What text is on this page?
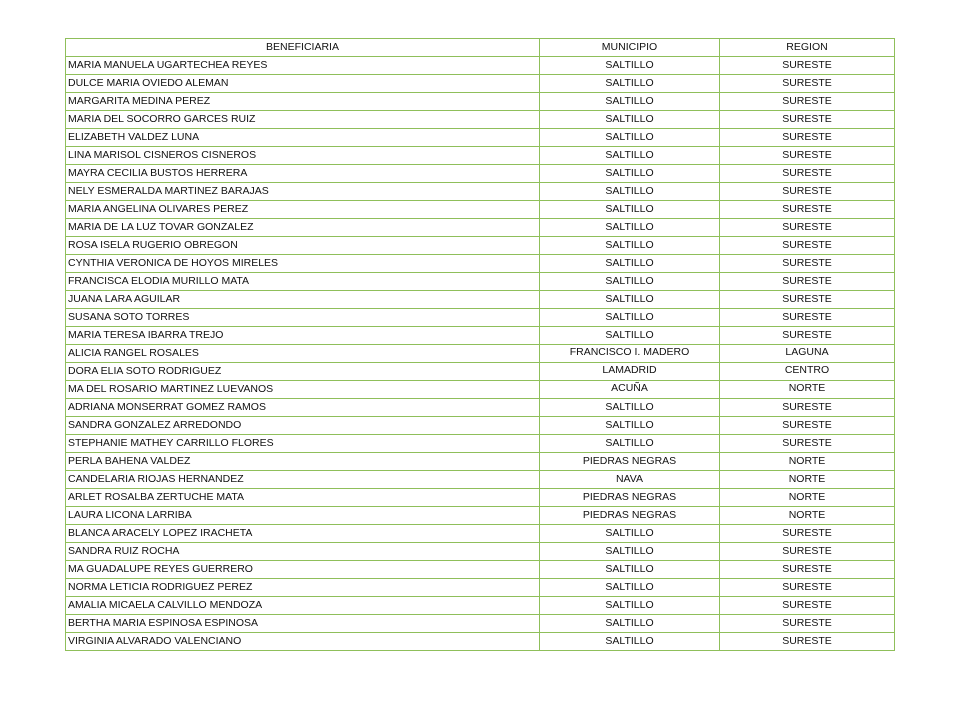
BENEFICIARIA	MUNICIPIO	REGION
MARIA MANUELA UGARTECHEA REYES	SALTILLO	SURESTE
DULCE MARIA OVIEDO ALEMAN	SALTILLO	SURESTE
MARGARITA MEDINA PEREZ	SALTILLO	SURESTE
MARIA DEL SOCORRO GARCES RUIZ	SALTILLO	SURESTE
ELIZABETH VALDEZ LUNA	SALTILLO	SURESTE
LINA MARISOL CISNEROS CISNEROS	SALTILLO	SURESTE
MAYRA CECILIA BUSTOS HERRERA	SALTILLO	SURESTE
NELY ESMERALDA MARTINEZ BARAJAS	SALTILLO	SURESTE
MARIA ANGELINA OLIVARES PEREZ	SALTILLO	SURESTE
MARIA DE LA LUZ TOVAR GONZALEZ	SALTILLO	SURESTE
ROSA ISELA RUGERIO OBREGON	SALTILLO	SURESTE
CYNTHIA VERONICA DE HOYOS MIRELES	SALTILLO	SURESTE
FRANCISCA ELODIA MURILLO MATA	SALTILLO	SURESTE
JUANA LARA AGUILAR	SALTILLO	SURESTE
SUSANA SOTO TORRES	SALTILLO	SURESTE
MARIA TERESA IBARRA TREJO	SALTILLO	SURESTE
ALICIA RANGEL ROSALES	FRANCISCO I. MADERO	LAGUNA
DORA ELIA SOTO RODRIGUEZ	LAMADRID	CENTRO
MA DEL ROSARIO MARTINEZ LUEVANOS	ACUÑA	NORTE
ADRIANA MONSERRAT GOMEZ RAMOS	SALTILLO	SURESTE
SANDRA GONZALEZ ARREDONDO	SALTILLO	SURESTE
STEPHANIE MATHEY CARRILLO FLORES	SALTILLO	SURESTE
PERLA BAHENA VALDEZ	PIEDRAS NEGRAS	NORTE
CANDELARIA RIOJAS HERNANDEZ	NAVA	NORTE
ARLET ROSALBA ZERTUCHE MATA	PIEDRAS NEGRAS	NORTE
LAURA LICONA LARRIBA	PIEDRAS NEGRAS	NORTE
BLANCA ARACELY LOPEZ IRACHETA	SALTILLO	SURESTE
SANDRA RUIZ ROCHA	SALTILLO	SURESTE
MA GUADALUPE REYES GUERRERO	SALTILLO	SURESTE
NORMA LETICIA RODRIGUEZ PEREZ	SALTILLO	SURESTE
AMALIA MICAELA CALVILLO MENDOZA	SALTILLO	SURESTE
BERTHA MARIA ESPINOSA ESPINOSA	SALTILLO	SURESTE
VIRGINIA ALVARADO VALENCIANO	SALTILLO	SURESTE
